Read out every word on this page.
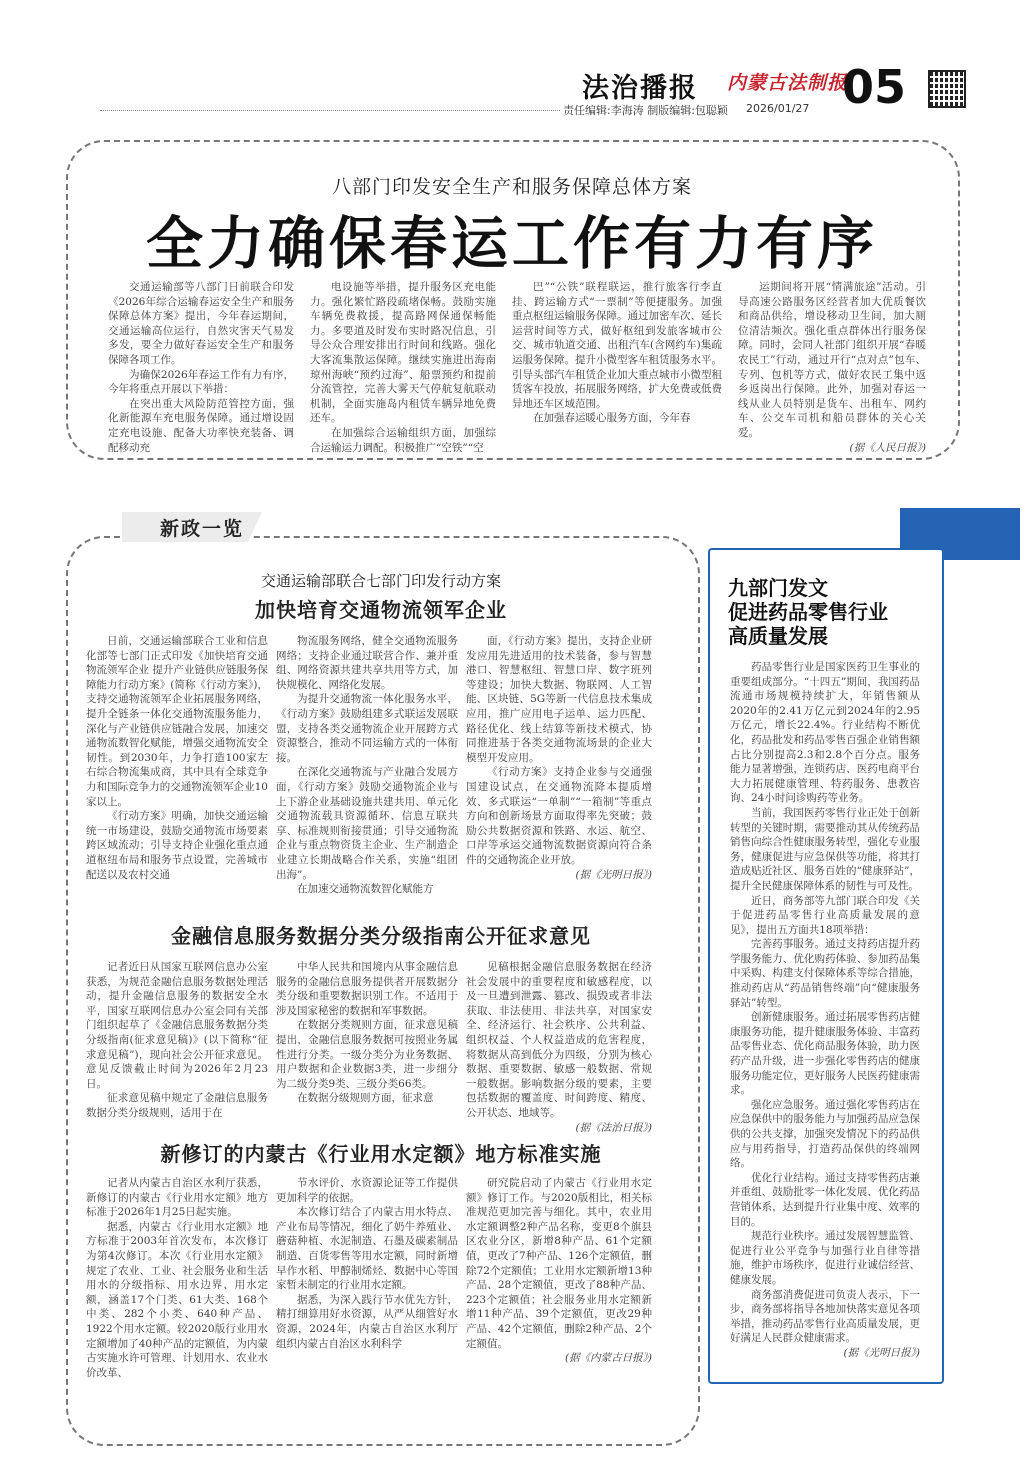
法治播报 内蒙古法制报
05
责任编辑:李海涛 制版编辑:包聪颖 2026/01/27
八部门印发安全生产和服务保障总体方案
全力确保春运工作有力有序

交通运输部等八部门日前联合印发《2026年综合运输春运安全生产和服务保障总体方案》提出，今年春运期间，交通运输高位运行，自然灾害天气易发多发，要全力做好春运安全生产和服务保障各项工作。

为确保2026年春运工作有力有序，今年将重点开展以下举措：

在突出重大风险防范管控方面，强化新能源车充电服务保障。通过增设固定充电设施、配备大功率快充装备、调配移动充

电设施等举措，提升服务区充电能力。强化繁忙路段疏堵保畅。鼓励实施车辆免费救援，提高路网保通保畅能力。多要道及时发布实时路况信息，引导公众合理安排出行时间和线路。强化大客流集散运保障。继续实施进出海南琼州海峡“预约过海”、船票预约和提前分流管控，完善大雾天气停航复航联动机制，全面实施岛内租赁车辆异地免费还车。

在加强综合运输组织方面，加强综合运输运力调配。积极推广“空铁”“空

巴”“公铁”联程联运，推行旅客行李直挂、跨运输方式“一票制”等便捷服务。加强重点枢纽运输服务保障。通过加密车次、延长运营时间等方式，做好枢纽到发旅客城市公交、城市轨道交通、出租汽车(含网约车)集疏运服务保障。提升小微型客车租赁服务水平。引导头部汽车租赁企业加大重点城市小微型租赁客车投放，拓展服务网络，扩大免费或低费异地还车区域范围。

在加强春运暖心服务方面，今年春

运期间将开展“情满旅途”活动。引导高速公路服务区经营者加大优质餐饮和商品供给，增设移动卫生间，加大厕位清洁频次。强化重点群体出行服务保障。同时，会同人社部门组织开展“春暖农民工”行动，通过开行“点对点”包车、专列、包机等方式，做好农民工集中返乡返岗出行保障。此外，加强对春运一线从业人员特别是货车、出租车、网约车、公交车司机和船员群体的关心关爱。

(据《人民日报》)

新政一览
交通运输部联合七部门印发行动方案
加快培育交通物流领军企业

日前，交通运输部联合工业和信息化部等七部门正式印发《加快培育交通物流领军企业 提升产业链供应链服务保障能力行动方案》(简称《行动方案》)，支持交通物流领军企业拓展服务网络，提升全链条一体化交通物流服务能力，深化与产业链供应链融合发展，加速交通物流数智化赋能，增强交通物流安全韧性。到2030年，力争打造100家左右综合物流集成商，其中具有全球竞争力和国际竞争力的交通物流领军企业10家以上。

《行动方案》明确，加快交通运输统一市场建设，鼓励交通物流市场要素跨区域流动；引导支持企业强化重点通道枢纽布局和服务节点设置，完善城市配送以及农村交通

物流服务网络，健全交通物流服务网络；支持企业通过联营合作、兼并重组、网络资源共建共享共用等方式，加快规模化、网络化发展。

为提升交通物流一体化服务水平，《行动方案》鼓励组建多式联运发展联盟，支持各类交通物流企业开展跨方式资源整合，推动不同运输方式的一体衔接。

在深化交通物流与产业融合发展方面，《行动方案》鼓励交通物流企业与上下游企业基础设施共建共用、单元化交通物流载具资源循环、信息互联共享、标准规则衔接贯通；引导交通物流企业与重点物资货主企业、生产制造企业建立长期战略合作关系，实施“组团出海”。

在加速交通物流数智化赋能方

面，《行动方案》提出，支持企业研发应用先进适用的技术装备，参与智慧港口、智慧枢纽、智慧口岸、数字班列等建设；加快大数据、物联网、人工智能、区块链、5G等新一代信息技术集成应用，推广应用电子运单、运力匹配、路径优化、线上结算等新技术模式，协同推进基于各类交通物流场景的企业大模型开发应用。

《行动方案》支持企业参与交通强国建设试点，在交通物流降本提质增效、多式联运“一单制”“一箱制”等重点方向和创新场景方面取得率先突破；鼓励公共数据资源和铁路、水运、航空、口岸等承运交通物流数据资源向符合条件的交通物流企业开放。

(据《光明日报》)

金融信息服务数据分类分级指南公开征求意见

记者近日从国家互联网信息办公室获悉，为规范金融信息服务数据处理活动，提升金融信息服务的数据安全水平，国家互联网信息办公室会同有关部门组织起草了《金融信息服务数据分类分级指南(征求意见稿)》(以下简称“征求意见稿”)，现向社会公开征求意见。意见反馈截止时间为2026年2月23日。

征求意见稿中规定了金融信息服务数据分类分级规则，适用于在

中华人民共和国境内从事金融信息服务的金融信息服务提供者开展数据分类分级和重要数据识别工作。不适用于涉及国家秘密的数据和军事数据。

在数据分类规则方面，征求意见稿提出，金融信息服务数据可按照业务属性进行分类。一级分类分为业务数据、用户数据和企业数据3类，进一步细分为二级分类9类、三级分类66类。

在数据分级规则方面，征求意

见稿根据金融信息服务数据在经济社会发展中的重要程度和敏感程度，以及一旦遭到泄露、篡改、损毁或者非法获取、非法使用、非法共享，对国家安全、经济运行、社会秩序、公共利益、组织权益、个人权益造成的危害程度，将数据从高到低分为四级，分别为核心数据、重要数据、敏感一般数据、常规一般数据。影响数据分级的要素，主要包括数据的覆盖度、时间跨度、精度、公开状态、地域等。

(据《法治日报》)

新修订的内蒙古《行业用水定额》地方标准实施

记者从内蒙古自治区水利厅获悉，新修订的内蒙古《行业用水定额》地方标准于2026年1月25日起实施。

据悉，内蒙古《行业用水定额》地方标准于2003年首次发布，本次修订为第4次修订。本次《行业用水定额》规定了农业、工业、社会服务业和生活用水的分级指标、用水边界、用水定额，涵盖17个门类、61大类、168个中类、282个小类、640种产品、1922个用水定额。较2020版行业用水定额增加了40种产品的定额值，为内蒙古实施水许可管理、计划用水、农业水价改革、

节水评价、水资源论证等工作提供更加科学的依据。

本次修订结合了内蒙古用水特点、产业布局等情况，细化了奶牛养殖业、蘑菇种植、水泥制造、石墨及碳素制品制造、百货零售等用水定额，同时新增早作水稻、甲醇制烯烃、数据中心等国家暂未制定的行业用水定额。

据悉，为深入践行节水优先方针，精打细算用好水资源，从严从细管好水资源，2024年，内蒙古自治区水利厅组织内蒙古自治区水利科学

研究院启动了内蒙古《行业用水定额》修订工作。与2020版相比，相关标准规范更加完善与细化。其中，农业用水定额调整2种产品名称，变更8个旗县区农业分区，新增8种产品、61个定额值，更改了7种产品、126个定额值，删除72个定额值；工业用水定额新增13种产品、28个定额值，更改了88种产品、223个定额值；社会服务业用水定额新增11种产品、39个定额值，更改29种产品、42个定额值，删除2种产品、2个定额值。

(据《内蒙古日报》)

九部门发文
促进药品零售行业
高质量发展

药品零售行业是国家医药卫生事业的重要组成部分。“十四五”期间，我国药品流通市场规模持续扩大，年销售额从2020年的2.41万亿元到2024年的2.95万亿元，增长22.4%。行业结构不断优化，药品批发和药品零售百强企业销售额占比分别提高2.3和2.8个百分点。服务能力显著增强，连锁药店、医药电商平台大力拓展健康管理、特药服务、患教咨询、24小时问诊购药等业务。

当前，我国医药零售行业正处于创新转型的关键时期，需要推动其从传统药品销售向综合性健康服务转型，强化专业服务，健康促进与应急保供等功能，将其打造成贴近社区、服务百姓的“健康驿站”，提升全民健康保障体系的韧性与可及性。

近日，商务部等九部门联合印发《关于促进药品零售行业高质量发展的意见》，提出五方面共18项举措：

完善药事服务。通过支持药店提升药学服务能力、优化购药体验、参加药品集中采购、构建支付保障体系等综合措施，推动药店从“药品销售终端”向“健康服务驿站”转型。

创新健康服务。通过拓展零售药店健康服务功能，提升健康服务体验、丰富药品零售业态、优化商品服务体验，助力医药产品升级，进一步强化零售药店的健康服务功能定位，更好服务人民医药健康需求。

强化应急服务。通过强化零售药店在应急保供中的服务能力与加强药品应急保供的公共支撑，加强突发情况下的药品供应与用药指导，打造药品保供的终端网络。

优化行业结构。通过支持零售药店兼并重组、鼓励批零一体化发展、优化药品营销体系，达到提升行业集中度、效率的目的。

规范行业秩序。通过发展智慧监管、促进行业公平竞争与加强行业自律等措施，维护市场秩序，促进行业诚信经营、健康发展。

商务部消费促进司负责人表示，下一步，商务部将指导各地加快落实意见各项举措，推动药品零售行业高质量发展，更好满足人民群众健康需求。

(据《光明日报》)
